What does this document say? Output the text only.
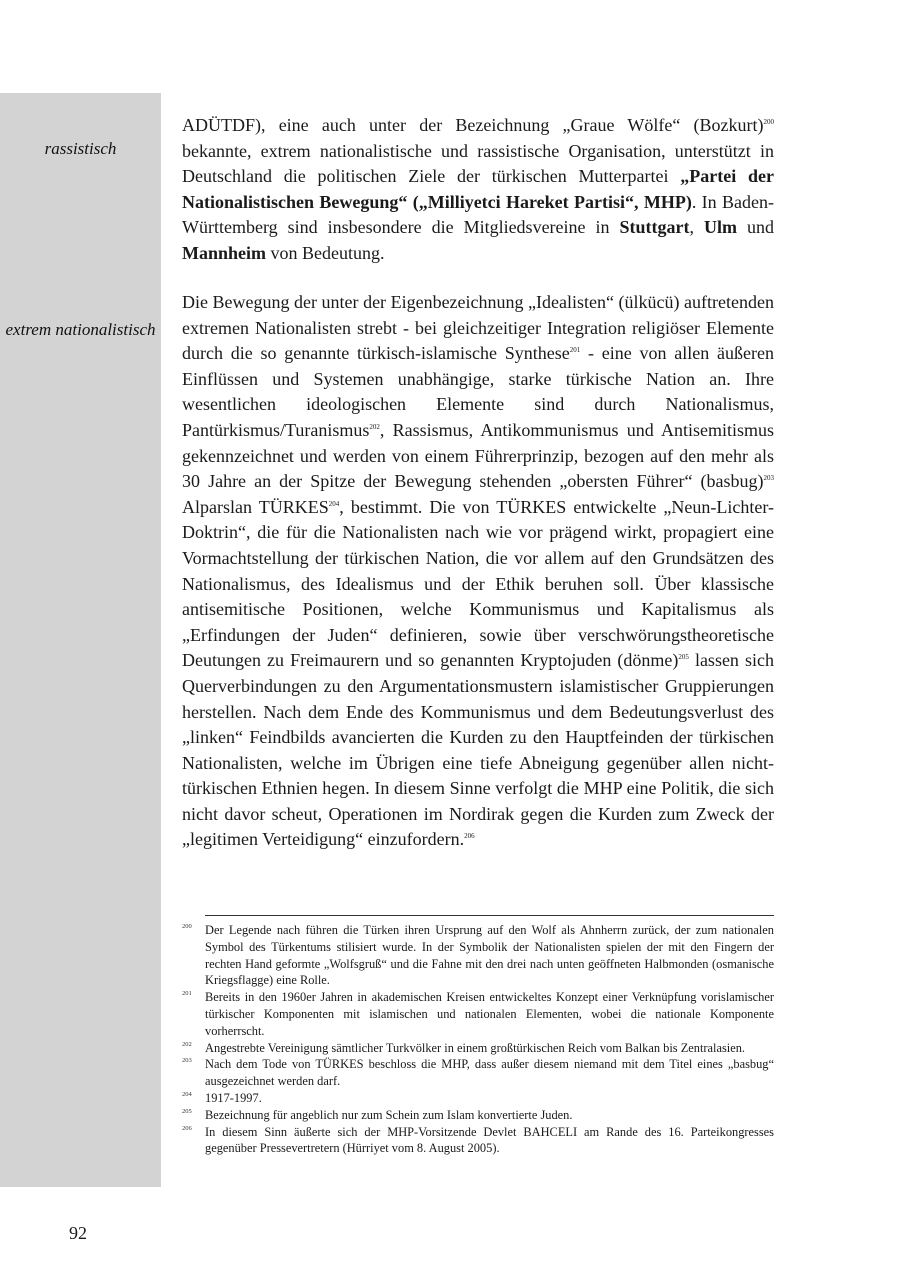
rassistisch
extrem nationalistisch

ADÜTDF), eine auch unter der Bezeichnung „Graue Wölfe“ (Bozkurt)$^{200}$ bekannte, extrem nationalistische und rassistische Organisation, unterstützt in Deutschland die politischen Ziele der türkischen Mutterpartei „Partei der Nationalistischen Bewegung“ („Milliyetci Hareket Partisi“, MHP). In Baden-Württemberg sind insbesondere die Mitgliedsvereine in Stuttgart, Ulm und Mannheim von Bedeutung.

Die Bewegung der unter der Eigenbezeichnung „Idealisten“ (ülkücü) auftretenden extremen Nationalisten strebt - bei gleichzeitiger Integration religiöser Elemente durch die so genannte türkisch-islamische Synthese$^{201}$ - eine von allen äußeren Einflüssen und Systemen unabhängige, starke türkische Nation an. Ihre wesentlichen ideologischen Elemente sind durch Nationalismus, Pantürkismus/Turanismus$^{202}$, Rassismus, Antikommunismus und Antisemitismus gekennzeichnet und werden von einem Führerprinzip, bezogen auf den mehr als 30 Jahre an der Spitze der Bewegung stehenden „obersten Führer“ (basbug)$^{203}$ Alparslan TÜRKES$^{204}$, bestimmt. Die von TÜRKES entwickelte „Neun-Lichter-Doktrin“, die für die Nationalisten nach wie vor prägend wirkt, propagiert eine Vormachtstellung der türkischen Nation, die vor allem auf den Grundsätzen des Nationalismus, des Idealismus und der Ethik beruhen soll. Über klassische antisemitische Positionen, welche Kommunismus und Kapitalismus als „Erfindungen der Juden“ definieren, sowie über verschwörungstheoretische Deutungen zu Freimaurern und so genannten Kryptojuden (dönme)$^{205}$ lassen sich Querverbindungen zu den Argumentationsmustern islamistischer Gruppierungen herstellen. Nach dem Ende des Kommunismus und dem Bedeutungsverlust des „linken“ Feindbilds avancierten die Kurden zu den Hauptfeinden der türkischen Nationalisten, welche im Übrigen eine tiefe Abneigung gegenüber allen nicht-türkischen Ethnien hegen. In diesem Sinne verfolgt die MHP eine Politik, die sich nicht davor scheut, Operationen im Nordirak gegen die Kurden zum Zweck der „legitimen Verteidigung“ einzufordern.$^{206}$

200 Der Legende nach führen die Türken ihren Ursprung auf den Wolf als Ahnherrn zurück, der zum nationalen Symbol des Türkentums stilisiert wurde. In der Symbolik der Nationalisten spielen der mit den Fingern der rechten Hand geformte „Wolfsgruß“ und die Fahne mit den drei nach unten geöffneten Halbmonden (osmanische Kriegsflagge) eine Rolle.
201 Bereits in den 1960er Jahren in akademischen Kreisen entwickeltes Konzept einer Verknüpfung vorislamischer türkischer Komponenten mit islamischen und nationalen Elementen, wobei die nationale Komponente vorherrscht.
202 Angestrebte Vereinigung sämtlicher Turkvölker in einem großtürkischen Reich vom Balkan bis Zentralasien.
203 Nach dem Tode von TÜRKES beschloss die MHP, dass außer diesem niemand mit dem Titel eines „basbug“ ausgezeichnet werden darf.
204 1917-1997.
205 Bezeichnung für angeblich nur zum Schein zum Islam konvertierte Juden.
206 In diesem Sinn äußerte sich der MHP-Vorsitzende Devlet BAHCELI am Rande des 16. Parteikongresses gegenüber Pressevertretern (Hürriyet vom 8. August 2005).
92
